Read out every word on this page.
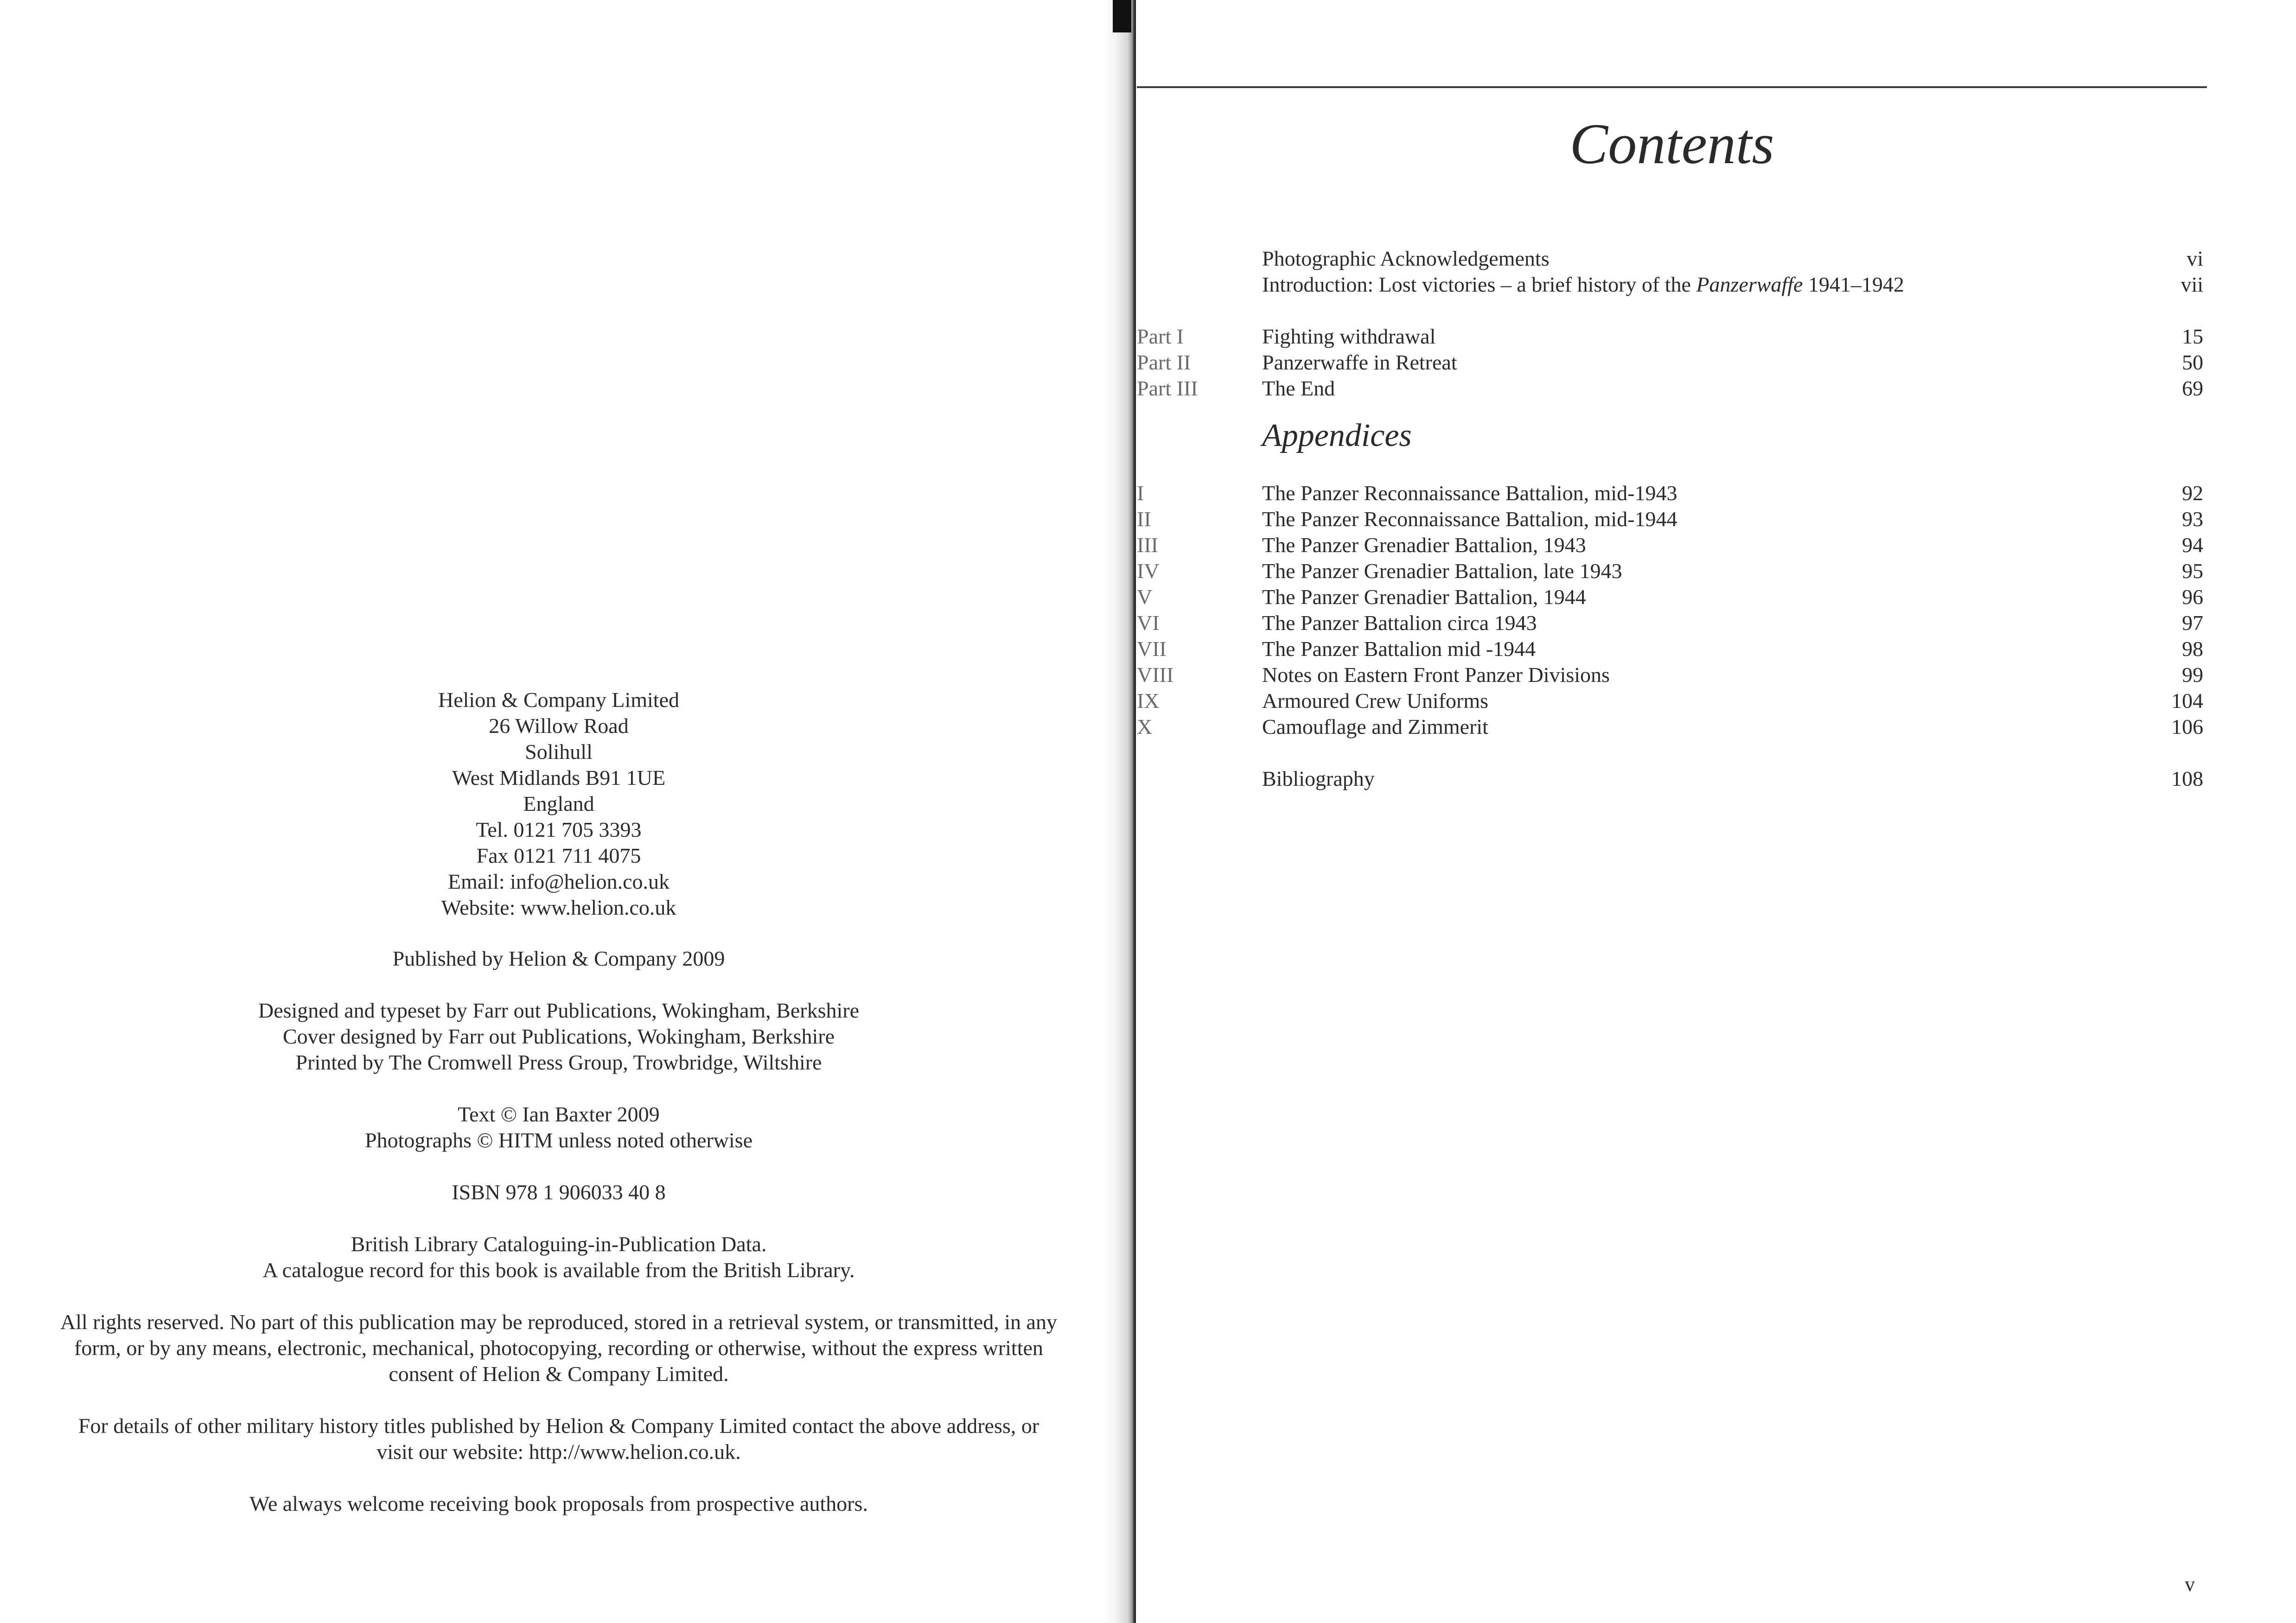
Helion & Company Limited
26 Willow Road
Solihull
West Midlands B91 1UE
England
Tel. 0121 705 3393
Fax 0121 711 4075
Email: info@helion.co.uk
Website: www.helion.co.uk
Published by Helion & Company 2009
Designed and typeset by Farr out Publications, Wokingham, Berkshire
Cover designed by Farr out Publications, Wokingham, Berkshire
Printed by The Cromwell Press Group, Trowbridge, Wiltshire
Text © Ian Baxter 2009
Photographs © HITM unless noted otherwise
ISBN 978 1 906033 40 8
British Library Cataloguing-in-Publication Data.
A catalogue record for this book is available from the British Library.
All rights reserved. No part of this publication may be reproduced, stored in a retrieval system, or transmitted, in any
form, or by any means, electronic, mechanical, photocopying, recording or otherwise, without the express written
consent of Helion & Company Limited.
For details of other military history titles published by Helion & Company Limited contact the above address, or
visit our website: http://www.helion.co.uk.
We always welcome receiving book proposals from prospective authors.
Contents
Photographic Acknowledgements	vi
Introduction: Lost victories – a brief history of the Panzerwaffe 1941–1942	vii
Part I	Fighting withdrawal	15
Part II	Panzerwaffe in Retreat	50
Part III	The End	69
Appendices
I	The Panzer Reconnaissance Battalion, mid-1943	92
II	The Panzer Reconnaissance Battalion, mid-1944	93
III	The Panzer Grenadier Battalion, 1943	94
IV	The Panzer Grenadier Battalion, late 1943	95
V	The Panzer Grenadier Battalion, 1944	96
VI	The Panzer Battalion circa 1943	97
VII	The Panzer Battalion mid -1944	98
VIII	Notes on Eastern Front Panzer Divisions	99
IX	Armoured Crew Uniforms	104
X	Camouflage and Zimmerit	106
Bibliography	108
v
